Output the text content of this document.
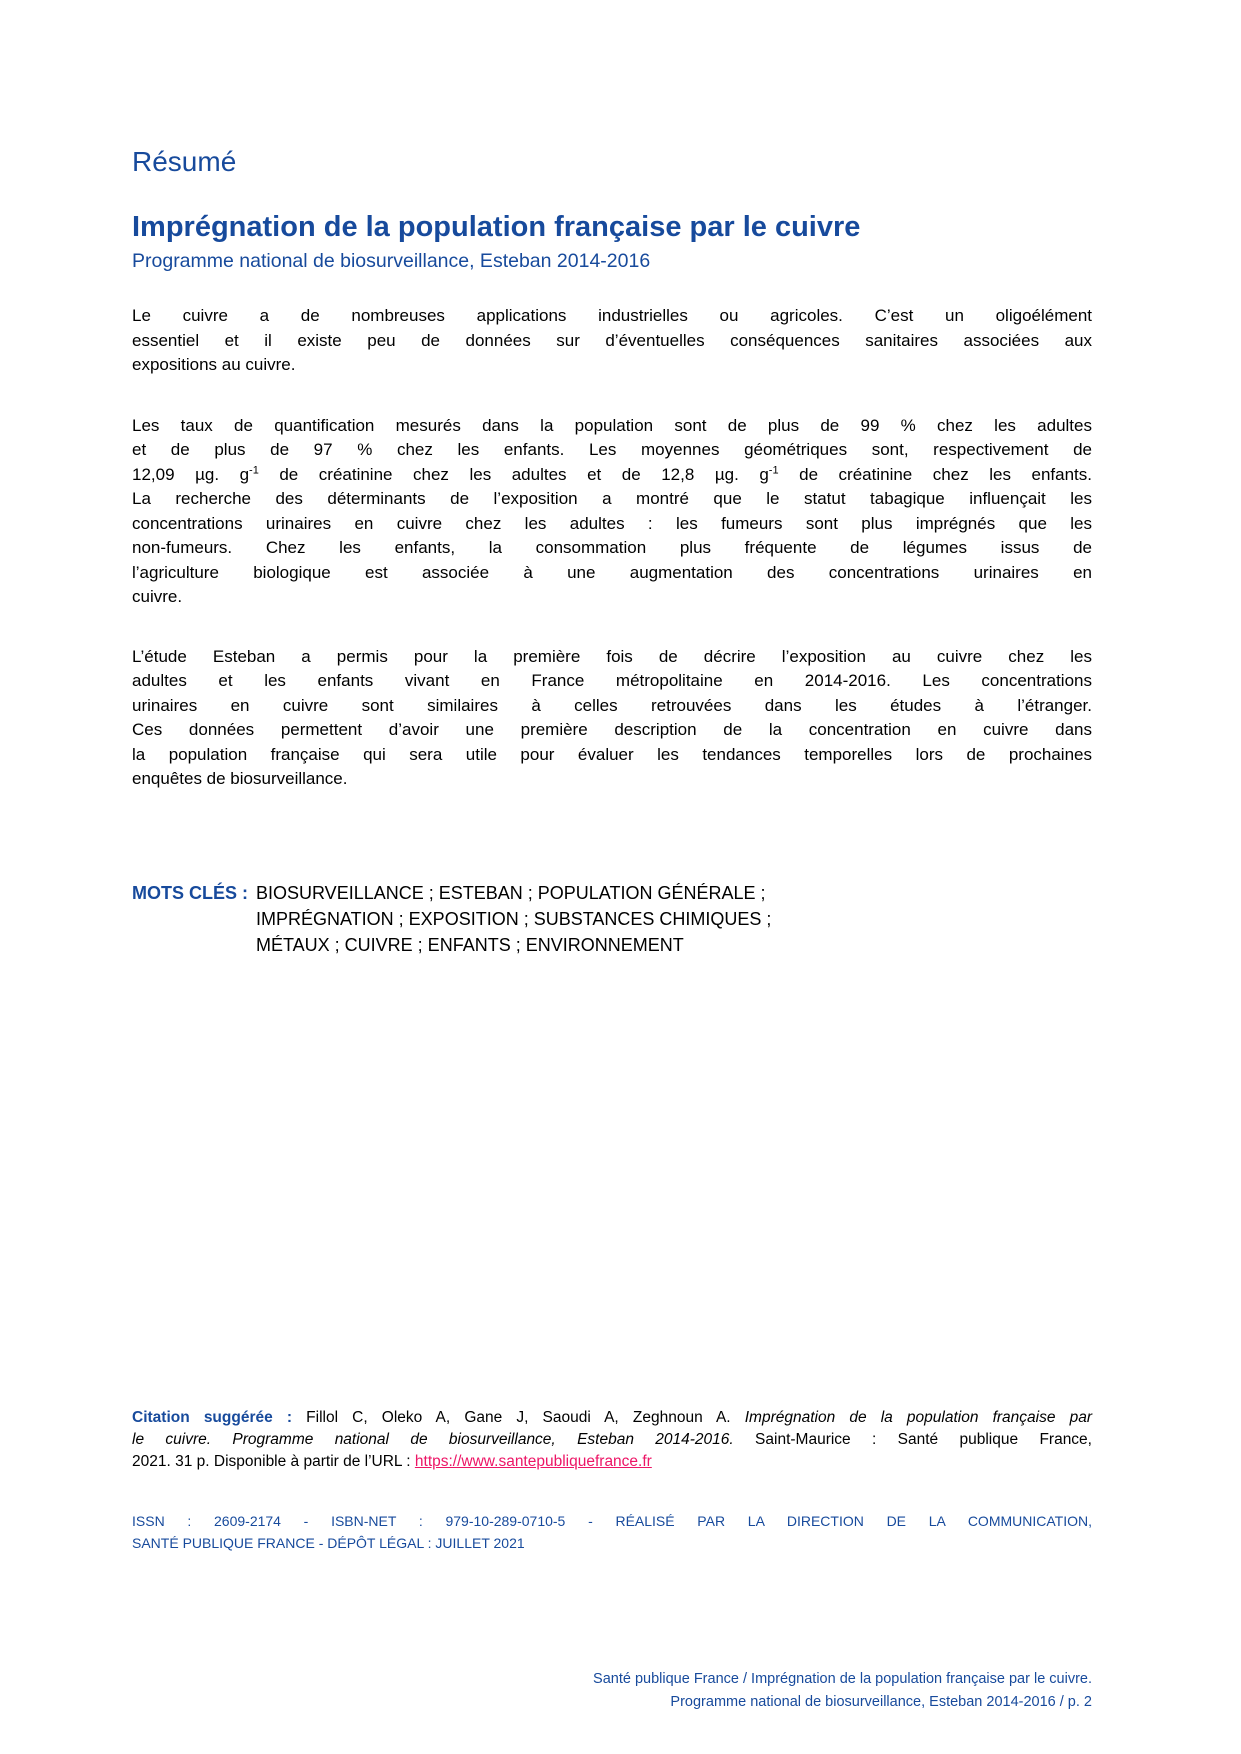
Résumé
Imprégnation de la population française par le cuivre
Programme national de biosurveillance, Esteban 2014-2016
Le cuivre a de nombreuses applications industrielles ou agricoles. C’est un oligoélément
essentiel et il existe peu de données sur d’éventuelles conséquences sanitaires associées aux
expositions au cuivre.
Les taux de quantification mesurés dans la population sont de plus de 99 % chez les adultes
et de plus de 97 % chez les enfants. Les moyennes géométriques sont, respectivement de
12,09 µg. $g^{-1}$ de créatinine chez les adultes et de 12,8 µg. $g^{-1}$ de créatinine chez les enfants.
La recherche des déterminants de l’exposition a montré que le statut tabagique influençait les
concentrations urinaires en cuivre chez les adultes : les fumeurs sont plus imprégnés que les
non-fumeurs. Chez les enfants, la consommation plus fréquente de légumes issus de
l’agriculture biologique est associée à une augmentation des concentrations urinaires en
cuivre.
L’étude Esteban a permis pour la première fois de décrire l’exposition au cuivre chez les
adultes et les enfants vivant en France métropolitaine en 2014-2016. Les concentrations
urinaires en cuivre sont similaires à celles retrouvées dans les études à l’étranger.
Ces données permettent d’avoir une première description de la concentration en cuivre dans
la population française qui sera utile pour évaluer les tendances temporelles lors de prochaines
enquêtes de biosurveillance.
MOTS CLÉS : BIOSURVEILLANCE ; ESTEBAN ; POPULATION GÉNÉRALE ;
IMPRÉGNATION ; EXPOSITION ; SUBSTANCES CHIMIQUES ;
MÉTAUX ; CUIVRE ; ENFANTS ; ENVIRONNEMENT
Citation suggérée : Fillol C, Oleko A, Gane J, Saoudi A, Zeghnoun A. Imprégnation de la population française par
le cuivre. Programme national de biosurveillance, Esteban 2014-2016. Saint-Maurice : Santé publique France,
2021. 31 p. Disponible à partir de l’URL : https://www.santepubliquefrance.fr
ISSN : 2609-2174 - ISBN-NET : 979-10-289-0710-5 - RÉALISÉ PAR LA DIRECTION DE LA COMMUNICATION,
SANTÉ PUBLIQUE FRANCE - DÉPÔT LÉGAL : JUILLET 2021
Santé publique France / Imprégnation de la population française par le cuivre.
Programme national de biosurveillance, Esteban 2014-2016 / p. 2
